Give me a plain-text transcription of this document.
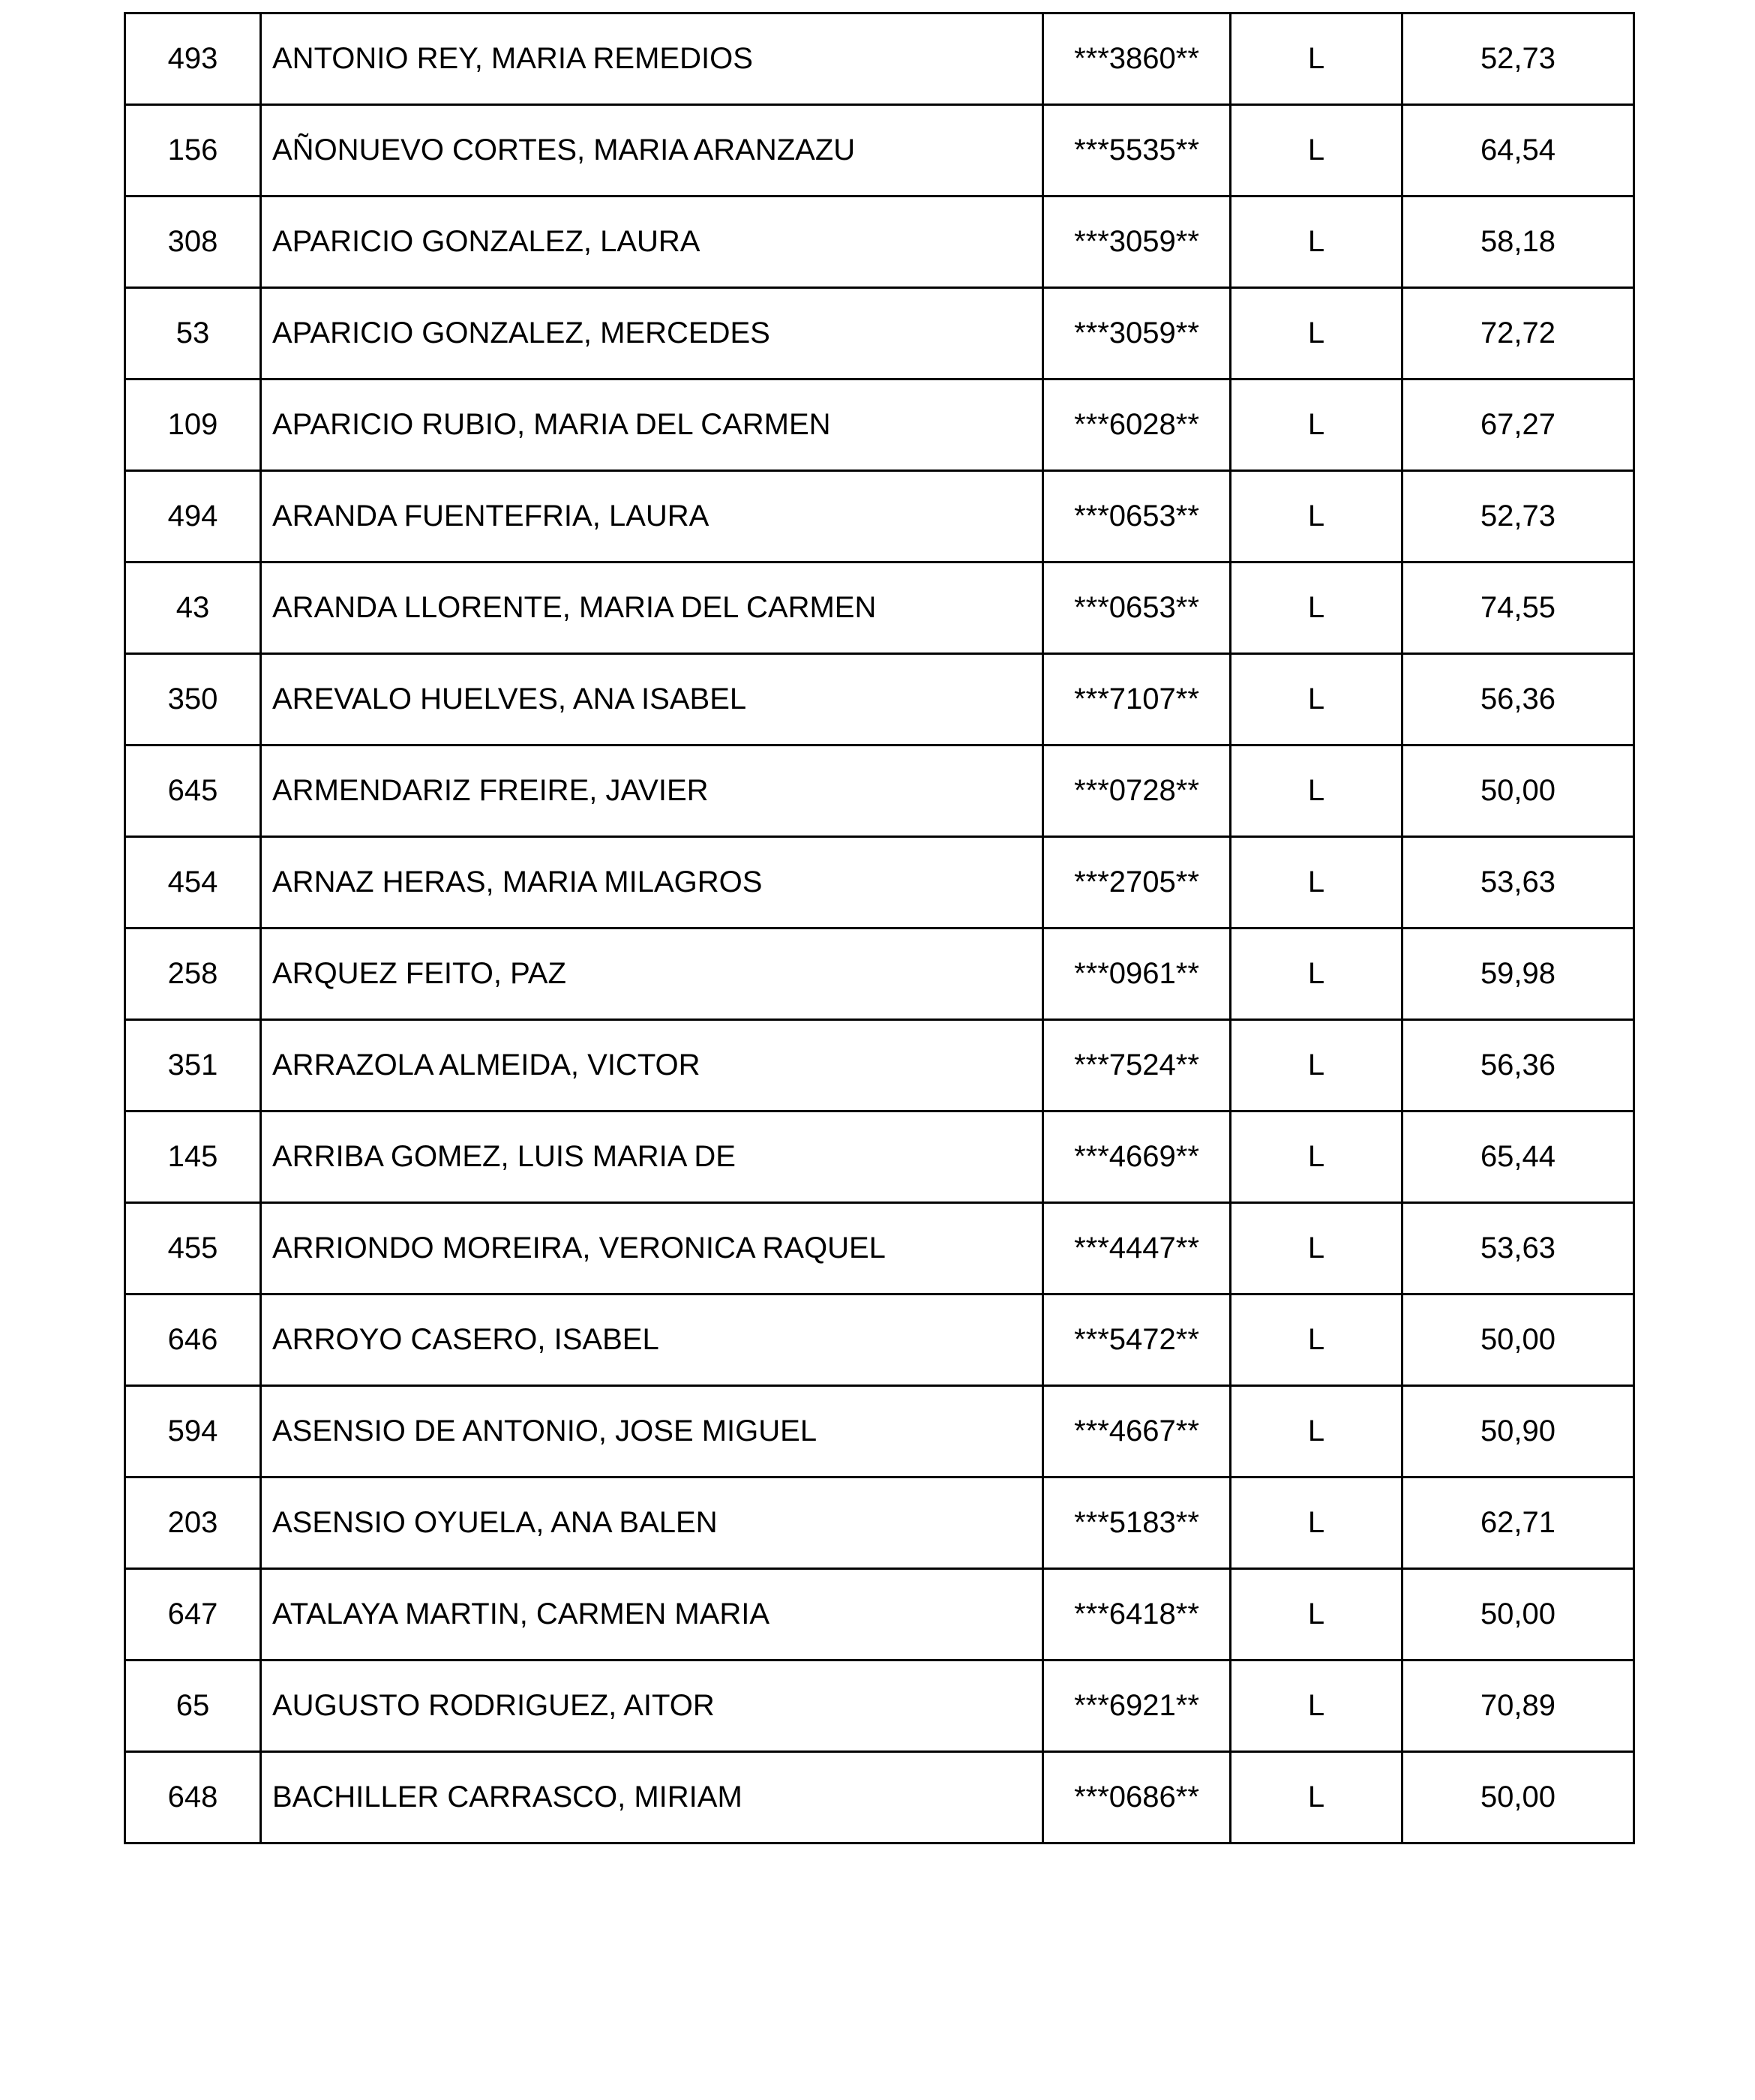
493	ANTONIO REY, MARIA REMEDIOS	***3860**	L	52,73
156	AÑONUEVO CORTES, MARIA ARANZAZU	***5535**	L	64,54
308	APARICIO GONZALEZ, LAURA	***3059**	L	58,18
53	APARICIO GONZALEZ, MERCEDES	***3059**	L	72,72
109	APARICIO RUBIO, MARIA DEL CARMEN	***6028**	L	67,27
494	ARANDA FUENTEFRIA, LAURA	***0653**	L	52,73
43	ARANDA LLORENTE, MARIA DEL CARMEN	***0653**	L	74,55
350	AREVALO HUELVES, ANA ISABEL	***7107**	L	56,36
645	ARMENDARIZ FREIRE, JAVIER	***0728**	L	50,00
454	ARNAZ HERAS, MARIA MILAGROS	***2705**	L	53,63
258	ARQUEZ FEITO, PAZ	***0961**	L	59,98
351	ARRAZOLA ALMEIDA, VICTOR	***7524**	L	56,36
145	ARRIBA GOMEZ, LUIS MARIA DE	***4669**	L	65,44
455	ARRIONDO MOREIRA, VERONICA RAQUEL	***4447**	L	53,63
646	ARROYO CASERO, ISABEL	***5472**	L	50,00
594	ASENSIO DE ANTONIO, JOSE MIGUEL	***4667**	L	50,90
203	ASENSIO OYUELA, ANA BALEN	***5183**	L	62,71
647	ATALAYA MARTIN, CARMEN MARIA	***6418**	L	50,00
65	AUGUSTO RODRIGUEZ, AITOR	***6921**	L	70,89
648	BACHILLER CARRASCO, MIRIAM	***0686**	L	50,00
